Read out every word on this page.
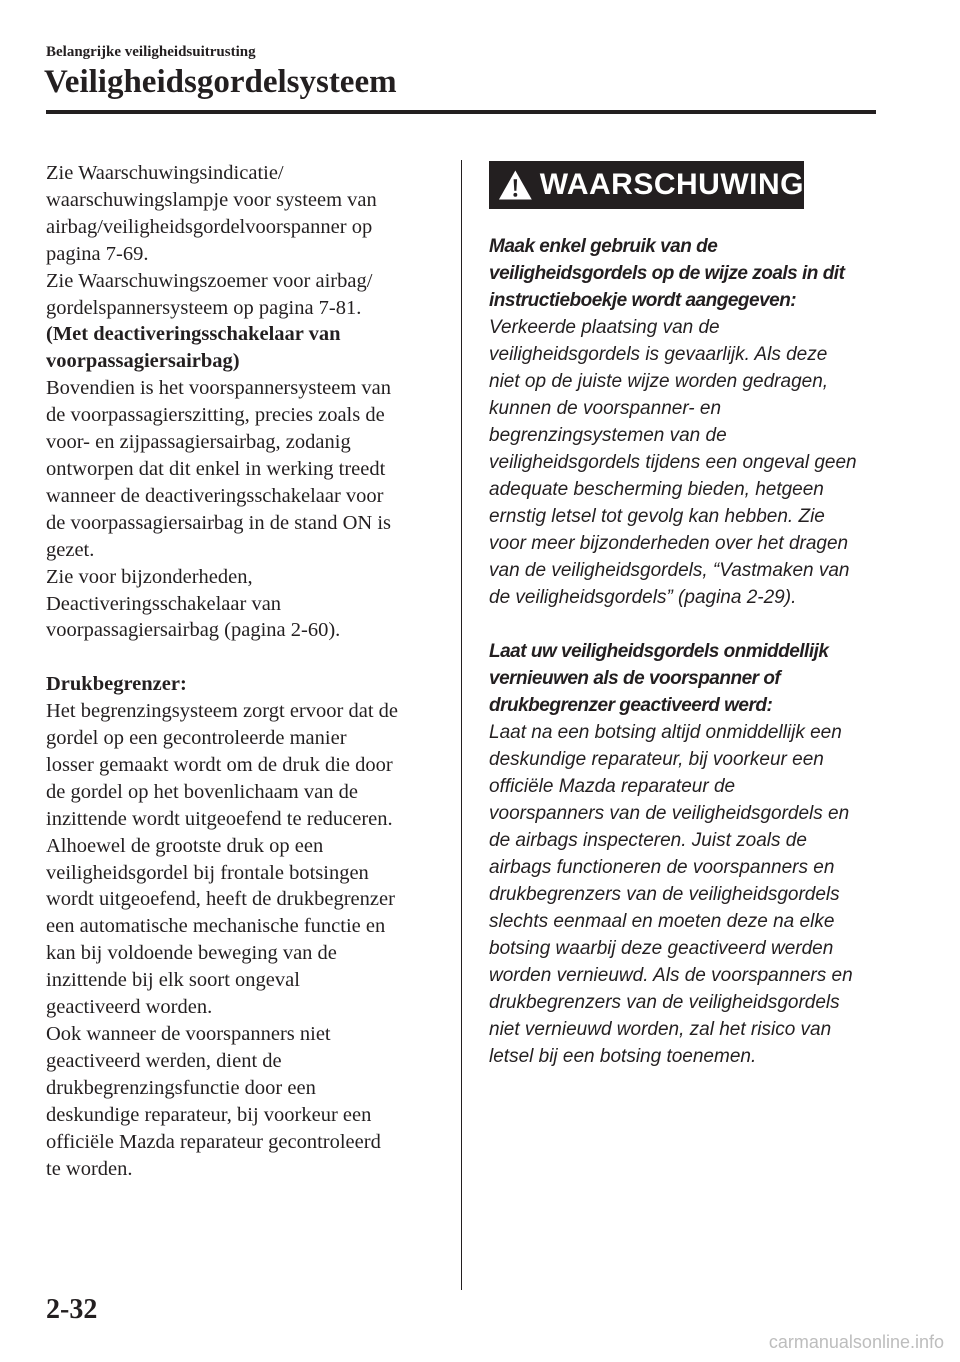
Belangrijke veiligheidsuitrusting
Veiligheidsgordelsysteem

Zie Waarschuwingsindicatie/

waarschuwingslampje voor systeem van

airbag/veiligheidsgordelvoorspanner op

pagina 7-69.

Zie Waarschuwingszoemer voor airbag/

gordelspannersysteem op pagina 7-81.

(Met deactiveringsschakelaar van

voorpassagiersairbag)

Bovendien is het voorspannersysteem van

de voorpassagierszitting, precies zoals de

voor- en zijpassagiersairbag, zodanig

ontworpen dat dit enkel in werking treedt

wanneer de deactiveringsschakelaar voor

de voorpassagiersairbag in de stand ON is

gezet.

Zie voor bijzonderheden,

Deactiveringsschakelaar van

voorpassagiersairbag (pagina 2-60).

Drukbegrenzer:

Het begrenzingsysteem zorgt ervoor dat de

gordel op een gecontroleerde manier

losser gemaakt wordt om de druk die door

de gordel op het bovenlichaam van de

inzittende wordt uitgeoefend te reduceren.

Alhoewel de grootste druk op een

veiligheidsgordel bij frontale botsingen

wordt uitgeoefend, heeft de drukbegrenzer

een automatische mechanische functie en

kan bij voldoende beweging van de

inzittende bij elk soort ongeval

geactiveerd worden.

Ook wanneer de voorspanners niet

geactiveerd werden, dient de

drukbegrenzingsfunctie door een

deskundige reparateur, bij voorkeur een

officiële Mazda reparateur gecontroleerd

te worden.

WAARSCHUWING

Maak enkel gebruik van de

veiligheidsgordels op de wijze zoals in dit

instructieboekje wordt aangegeven:

Verkeerde plaatsing van de

veiligheidsgordels is gevaarlijk. Als deze

niet op de juiste wijze worden gedragen,

kunnen de voorspanner- en

begrenzingsystemen van de

veiligheidsgordels tijdens een ongeval geen

adequate bescherming bieden, hetgeen

ernstig letsel tot gevolg kan hebben. Zie

voor meer bijzonderheden over het dragen

van de veiligheidsgordels, “Vastmaken van

de veiligheidsgordels” (pagina 2-29).

Laat uw veiligheidsgordels onmiddellijk

vernieuwen als de voorspanner of

drukbegrenzer geactiveerd werd:

Laat na een botsing altijd onmiddellijk een

deskundige reparateur, bij voorkeur een

officiële Mazda reparateur de

voorspanners van de veiligheidsgordels en

de airbags inspecteren. Juist zoals de

airbags functioneren de voorspanners en

drukbegrenzers van de veiligheidsgordels

slechts eenmaal en moeten deze na elke

botsing waarbij deze geactiveerd werden

worden vernieuwd. Als de voorspanners en

drukbegrenzers van de veiligheidsgordels

niet vernieuwd worden, zal het risico van

letsel bij een botsing toenemen.

2-32
carmanualsonline.info
